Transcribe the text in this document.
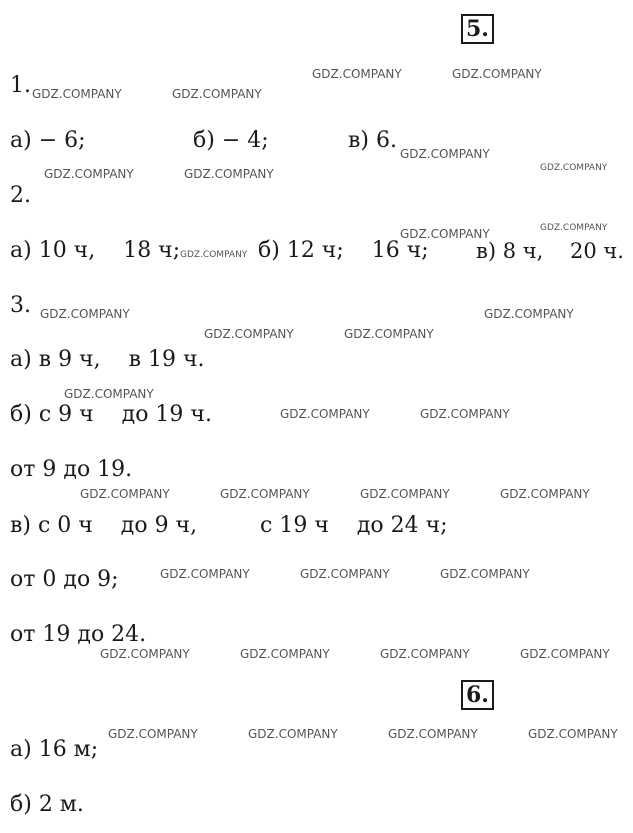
5.
1.
а) − 6;	б) − 4;	в) 6.
2.
а) 10 ч,    18 ч;	б) 12 ч;    16 ч; в) 8 ч,    20 ч.
3.
а) в 9 ч,    в 19 ч.
б) с 9 ч    до 19 ч.
от 9 до 19.
в) с 0 ч    до 9 ч,         с 19 ч    до 24 ч;
от 0 до 9;
от 19 до 24.
6.
а) 16 м;
б) 2 м.
GDZ.COMPANY	GDZ.COMPANY
GDZ.COMPANY	GDZ.COMPANY
GDZ.COMPANY
GDZ.COMPANY
GDZ.COMPANY	GDZ.COMPANY
GDZ.COMPANY	GDZ.COMPANY
GDZ.COMPANY
GDZ.COMPANY	GDZ.COMPANY
GDZ.COMPANY	GDZ.COMPANY
GDZ.COMPANY
GDZ.COMPANY	GDZ.COMPANY
GDZ.COMPANY	GDZ.COMPANY	GDZ.COMPANY	GDZ.COMPANY
GDZ.COMPANY	GDZ.COMPANY	GDZ.COMPANY
GDZ.COMPANY	GDZ.COMPANY	GDZ.COMPANY	GDZ.COMPANY
GDZ.COMPANY	GDZ.COMPANY	GDZ.COMPANY	GDZ.COMPANY
